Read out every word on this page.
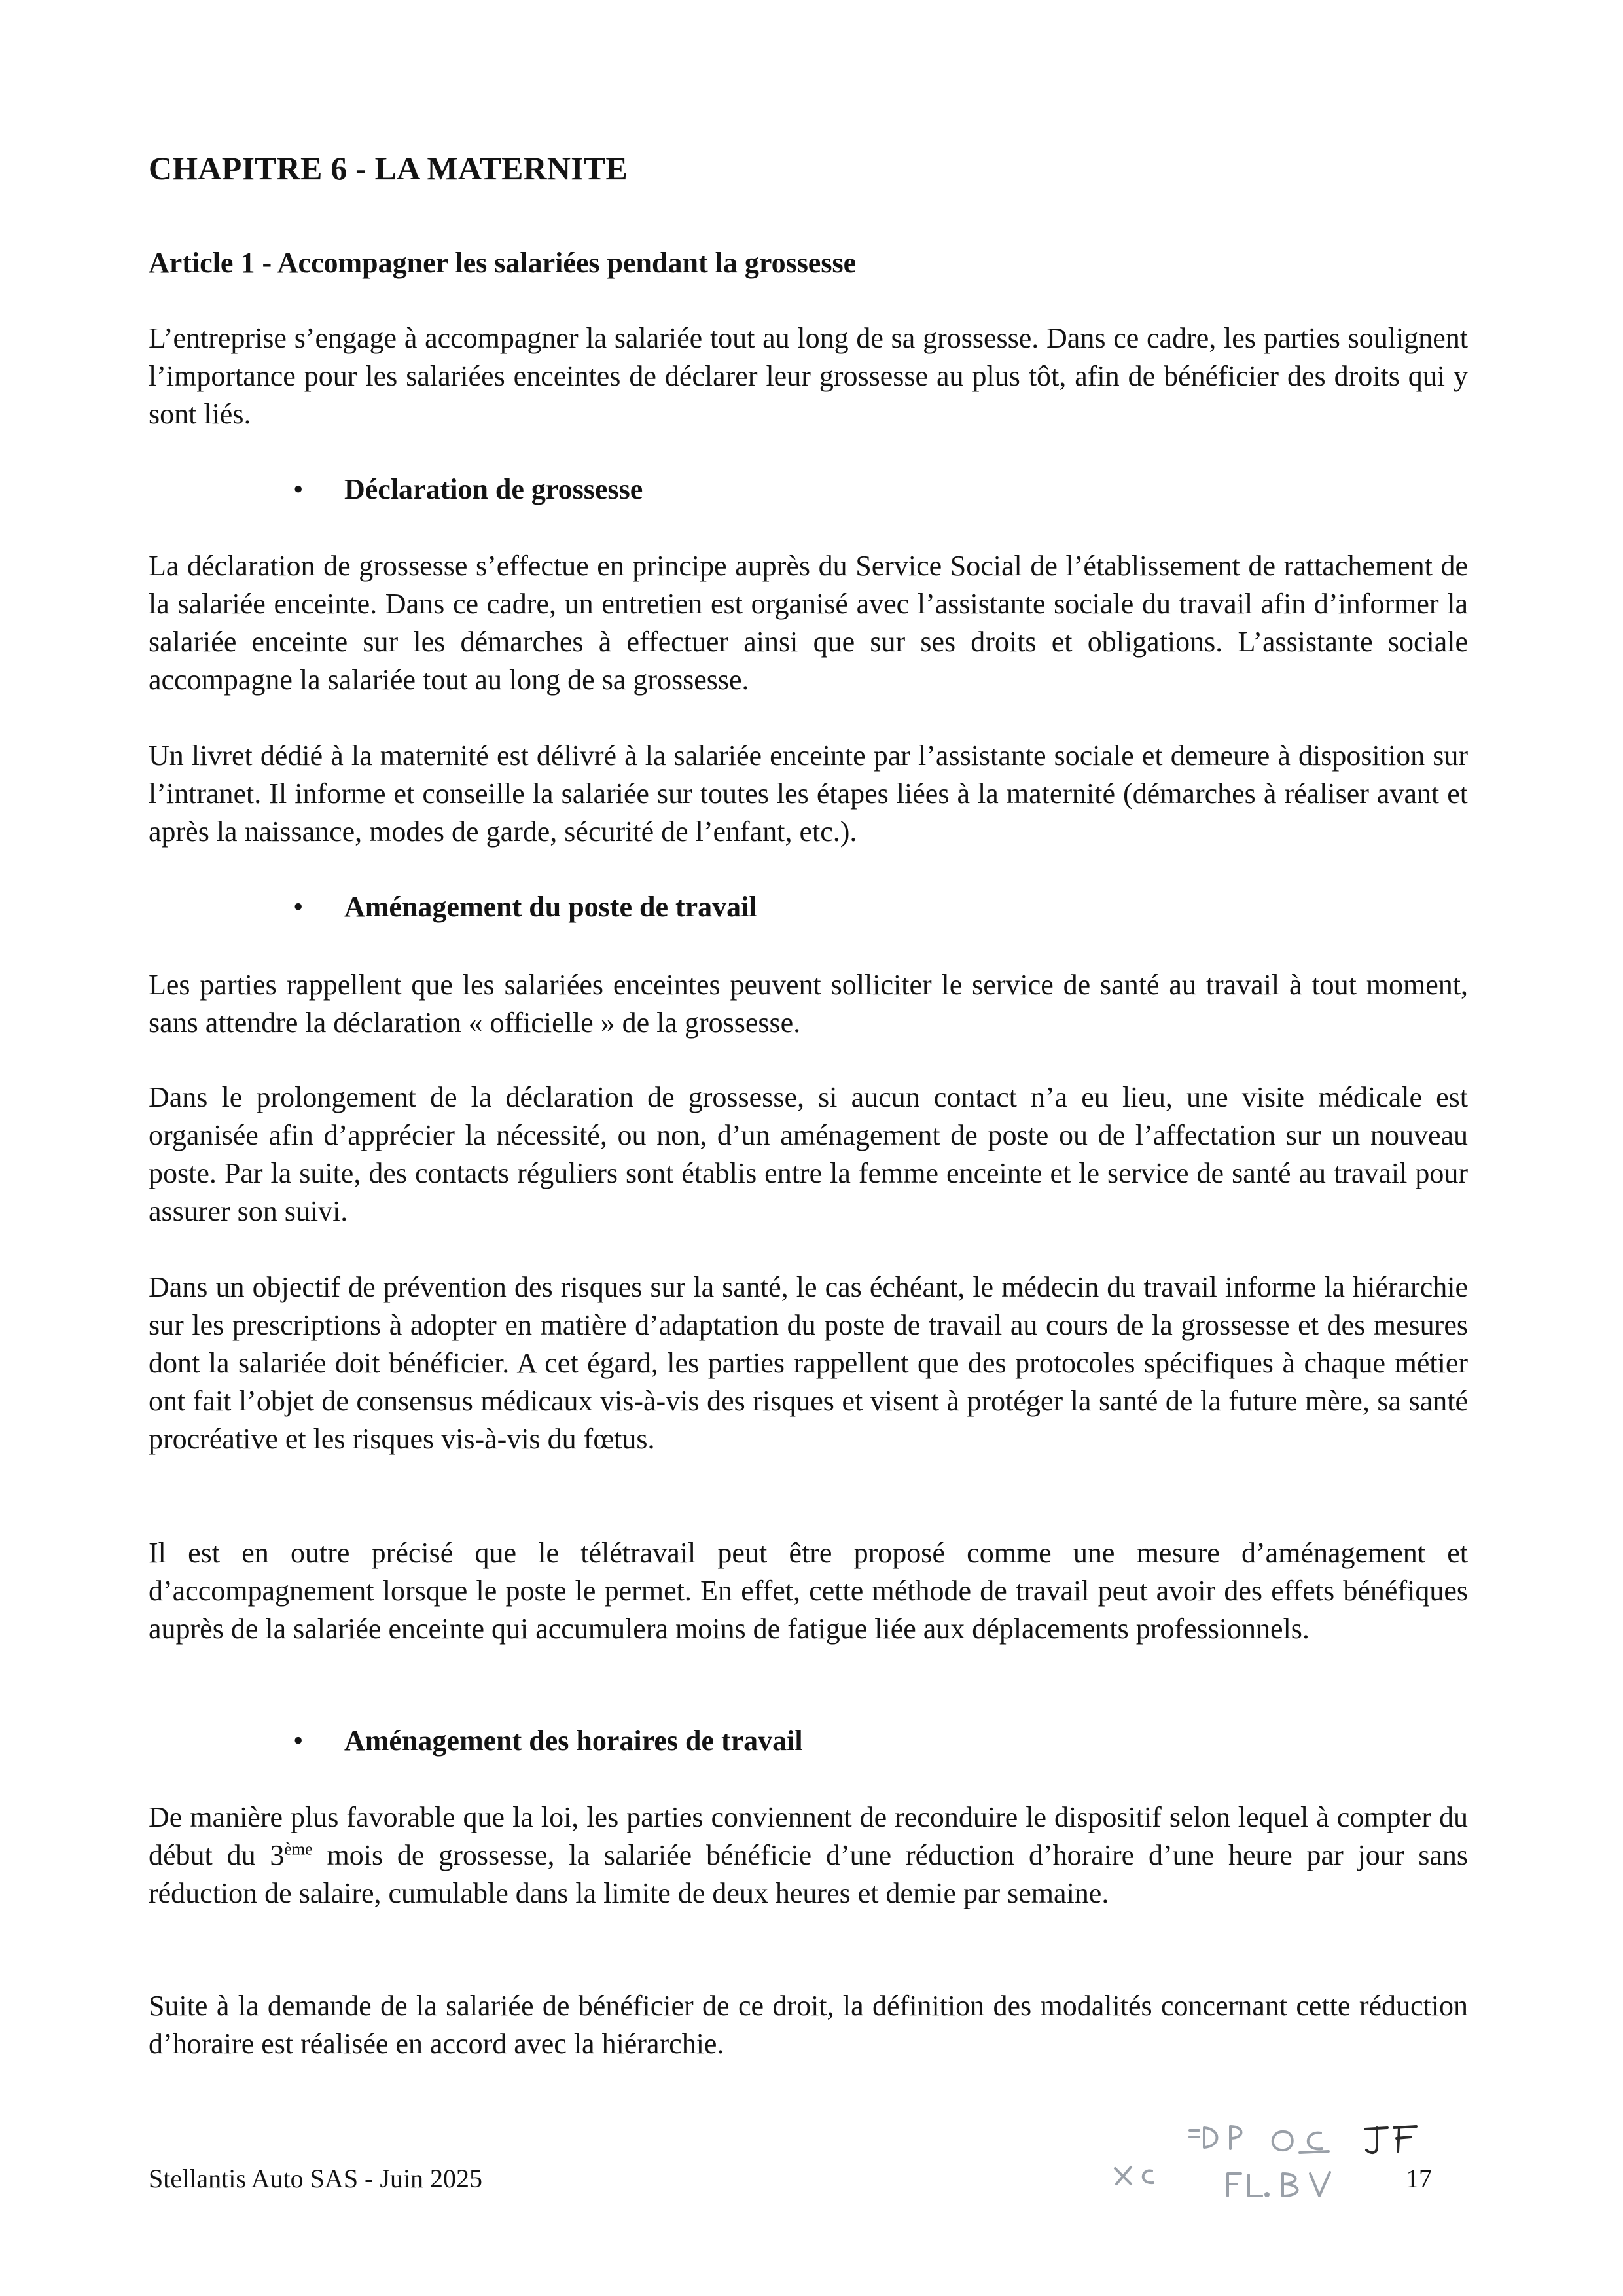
CHAPITRE 6 - LA MATERNITE
Article 1 - Accompagner les salariées pendant la grossesse

L’entreprise s’engage à accompagner la salariée tout au long de sa grossesse. Dans ce cadre, les parties soulignent l’importance pour les salariées enceintes de déclarer leur grossesse au plus tôt, afin de bénéficier des droits qui y sont liés.

•	Déclaration de grossesse

La déclaration de grossesse s’effectue en principe auprès du Service Social de l’établissement de rattachement de la salariée enceinte. Dans ce cadre, un entretien est organisé avec l’assistante sociale du travail afin d’informer la salariée enceinte sur les démarches à effectuer ainsi que sur ses droits et obligations. L’assistante sociale accompagne la salariée tout au long de sa grossesse.

Un livret dédié à la maternité est délivré à la salariée enceinte par l’assistante sociale et demeure à disposition sur l’intranet. Il informe et conseille la salariée sur toutes les étapes liées à la maternité (démarches à réaliser avant et après la naissance, modes de garde, sécurité de l’enfant, etc.).

•	Aménagement du poste de travail

Les parties rappellent que les salariées enceintes peuvent solliciter le service de santé au travail à tout moment, sans attendre la déclaration « officielle » de la grossesse.

Dans le prolongement de la déclaration de grossesse, si aucun contact n’a eu lieu, une visite médicale est organisée afin d’apprécier la nécessité, ou non, d’un aménagement de poste ou de l’affectation sur un nouveau poste. Par la suite, des contacts réguliers sont établis entre la femme enceinte et le service de santé au travail pour assurer son suivi.

Dans un objectif de prévention des risques sur la santé, le cas échéant, le médecin du travail informe la hiérarchie sur les prescriptions à adopter en matière d’adaptation du poste de travail au cours de la grossesse et des mesures dont la salariée doit bénéficier. A cet égard, les parties rappellent que des protocoles spécifiques à chaque métier ont fait l’objet de consensus médicaux vis-à-vis des risques et visent à protéger la santé de la future mère, sa santé procréative et les risques vis-à-vis du fœtus.

Il est en outre précisé que le télétravail peut être proposé comme une mesure d’aménagement et d’accompagnement lorsque le poste le permet. En effet, cette méthode de travail peut avoir des effets bénéfiques auprès de la salariée enceinte qui accumulera moins de fatigue liée aux déplacements professionnels.

•	Aménagement des horaires de travail

De manière plus favorable que la loi, les parties conviennent de reconduire le dispositif selon lequel à compter du début du 3ème mois de grossesse, la salariée bénéficie d’une réduction d’horaire d’une heure par jour sans réduction de salaire, cumulable dans la limite de deux heures et demie par semaine.

Suite à la demande de la salariée de bénéficier de ce droit, la définition des modalités concernant cette réduction d’horaire est réalisée en accord avec la hiérarchie.

Stellantis Auto SAS - Juin 2025	17
